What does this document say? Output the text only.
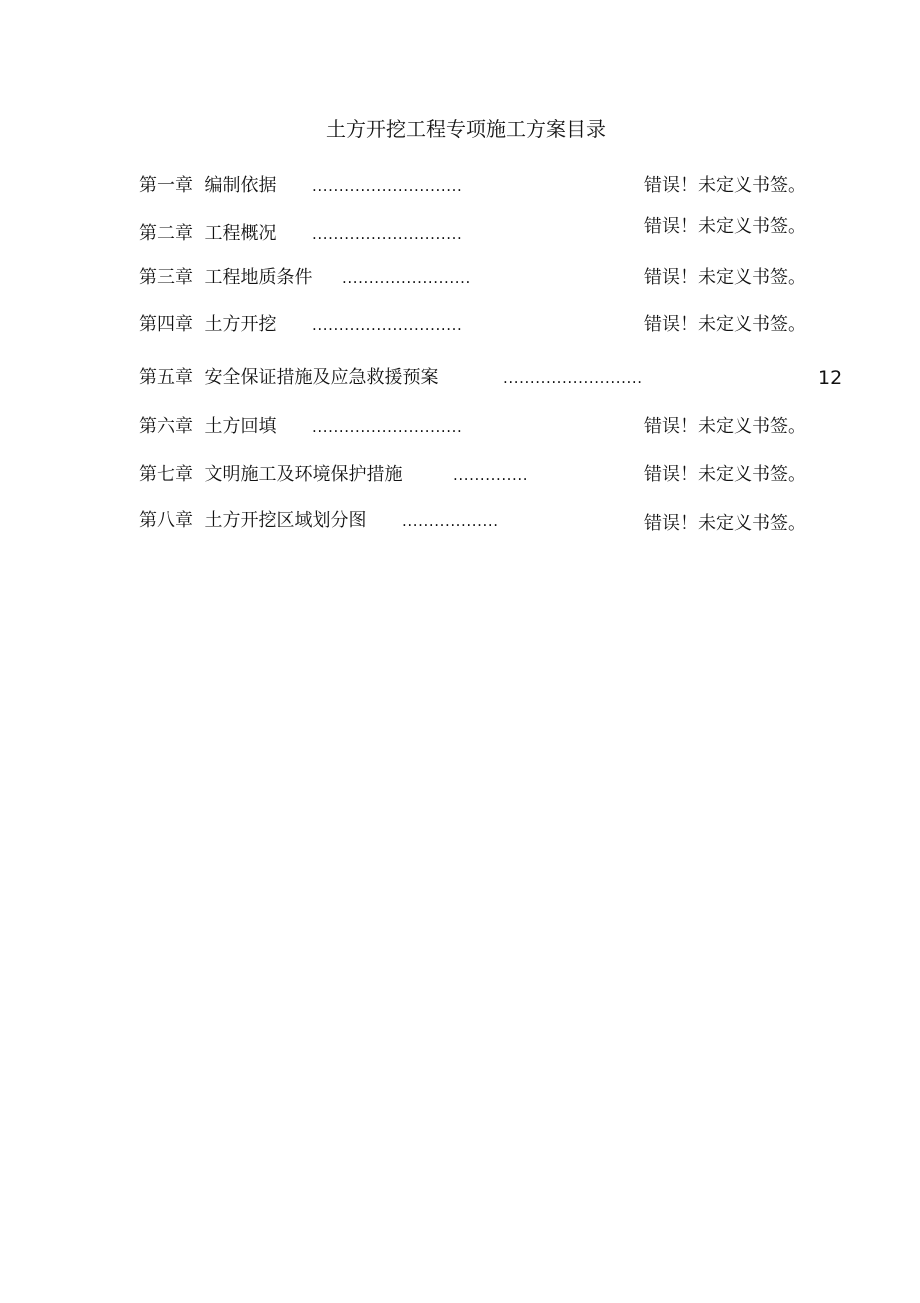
土方开挖工程专项施工方案目录
第一章 编制依据 ............................	错误！未定义书签。
第二章 工程概况 ............................	错误！未定义书签。
第三章 工程地质条件 ........................	错误！未定义书签。
第四章 土方开挖 ............................	错误！未定义书签。
第五章 安全保证措施及应急救援预案	..........................	12
第六章 土方回填 ............................	错误！未定义书签。
第七章 文明施工及环境保护措施	..............	错误！未定义书签。
第八章 土方开挖区域划分图 ..................	错误！未定义书签。
